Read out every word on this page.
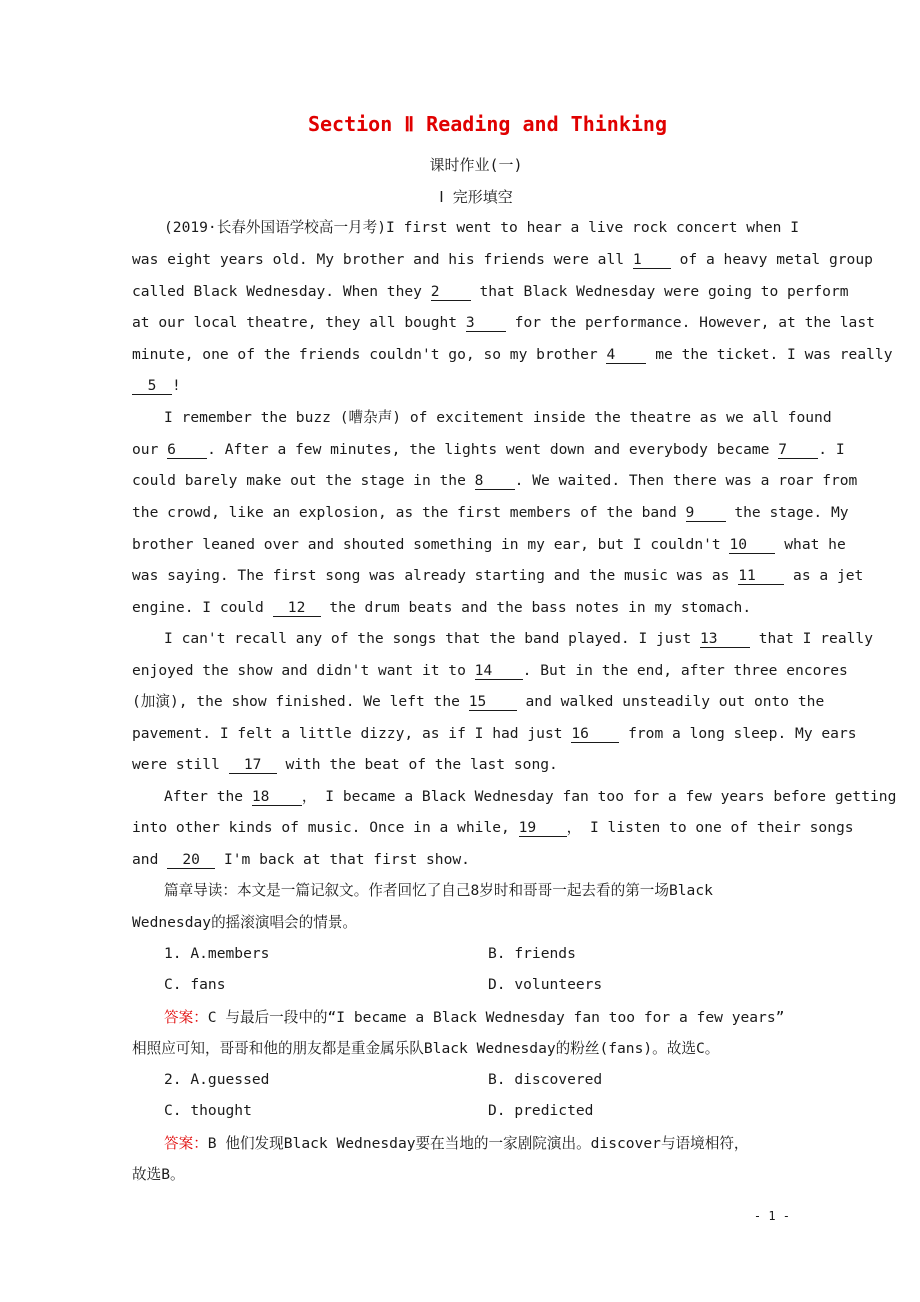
Section Ⅱ Reading and Thinking
课时作业(一)
Ⅰ 完形填空
(2019·长春外国语学校高一月考)I first went to hear a live rock concert when I
was eight years old. My brother and his friends were all 1 of a heavy metal group
called Black Wednesday. When they 2 that Black Wednesday were going to perform
at our local theatre, they all bought 3 for the performance. However, at the last
minute, one of the friends couldn't go, so my brother 4 me the ticket. I was really
5 !
I remember the buzz (嘈杂声) of excitement inside the theatre as we all found
our 6 . After a few minutes, the lights went down and everybody became 7 . I
could barely make out the stage in the 8 . We waited. Then there was a roar from
the crowd, like an explosion, as the first members of the band 9 the stage. My
brother leaned over and shouted something in my ear, but I couldn't 10 what he
was saying. The first song was already starting and the music was as 11 as a jet
engine. I could 12 the drum beats and the bass notes in my stomach.
I can't recall any of the songs that the band played. I just 13 that I really
enjoyed the show and didn't want it to 14 . But in the end, after three encores
(加演), the show finished. We left the 15 and walked unsteadily out onto the
pavement. I felt a little dizzy, as if I had just 16 from a long sleep. My ears
were still 17 with the beat of the last song.
After the 18 ， I became a Black Wednesday fan too for a few years before getting
into other kinds of music. Once in a while, 19 ， I listen to one of their songs
and 20 I'm back at that first show.
篇章导读：本文是一篇记叙文。作者回忆了自己8岁时和哥哥一起去看的第一场Black
Wednesday的摇滚演唱会的情景。
1. A.members	B. friends
C. fans	D. volunteers
答案：C 与最后一段中的“I became a Black Wednesday fan too for a few years”
相照应可知，哥哥和他的朋友都是重金属乐队Black Wednesday的粉丝(fans)。故选C。
2. A.guessed	B. discovered
C. thought	D. predicted
答案：B 他们发现Black Wednesday要在当地的一家剧院演出。discover与语境相符，
故选B。
- 1 -
